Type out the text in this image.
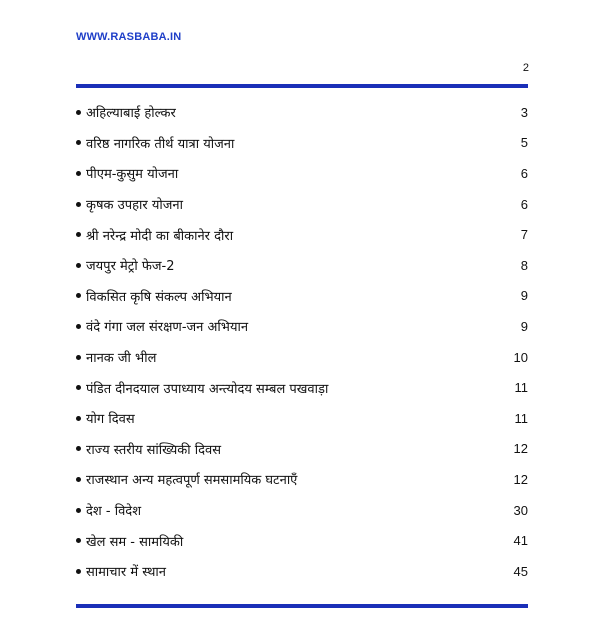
WWW.RASBABA.IN
2
अहिल्याबाई होल्कर	3
वरिष्ठ नागरिक तीर्थ यात्रा योजना	5
पीएम-कुसुम योजना	6
कृषक उपहार योजना	6
श्री नरेन्द्र मोदी का बीकानेर दौरा	7
जयपुर मेट्रो फेज-2	8
विकसित कृषि संकल्प अभियान	9
वंदे गंगा जल संरक्षण-जन अभियान	9
नानक जी भील	10
पंडित दीनदयाल उपाध्याय अन्त्योदय सम्बल पखवाड़ा	11
योग दिवस	11
राज्य स्तरीय सांख्यिकी दिवस	12
राजस्थान अन्य महत्वपूर्ण समसामयिक घटनाएँ	12
देश - विदेश	30
खेल सम - सामयिकी	41
सामाचार में स्थान	45
